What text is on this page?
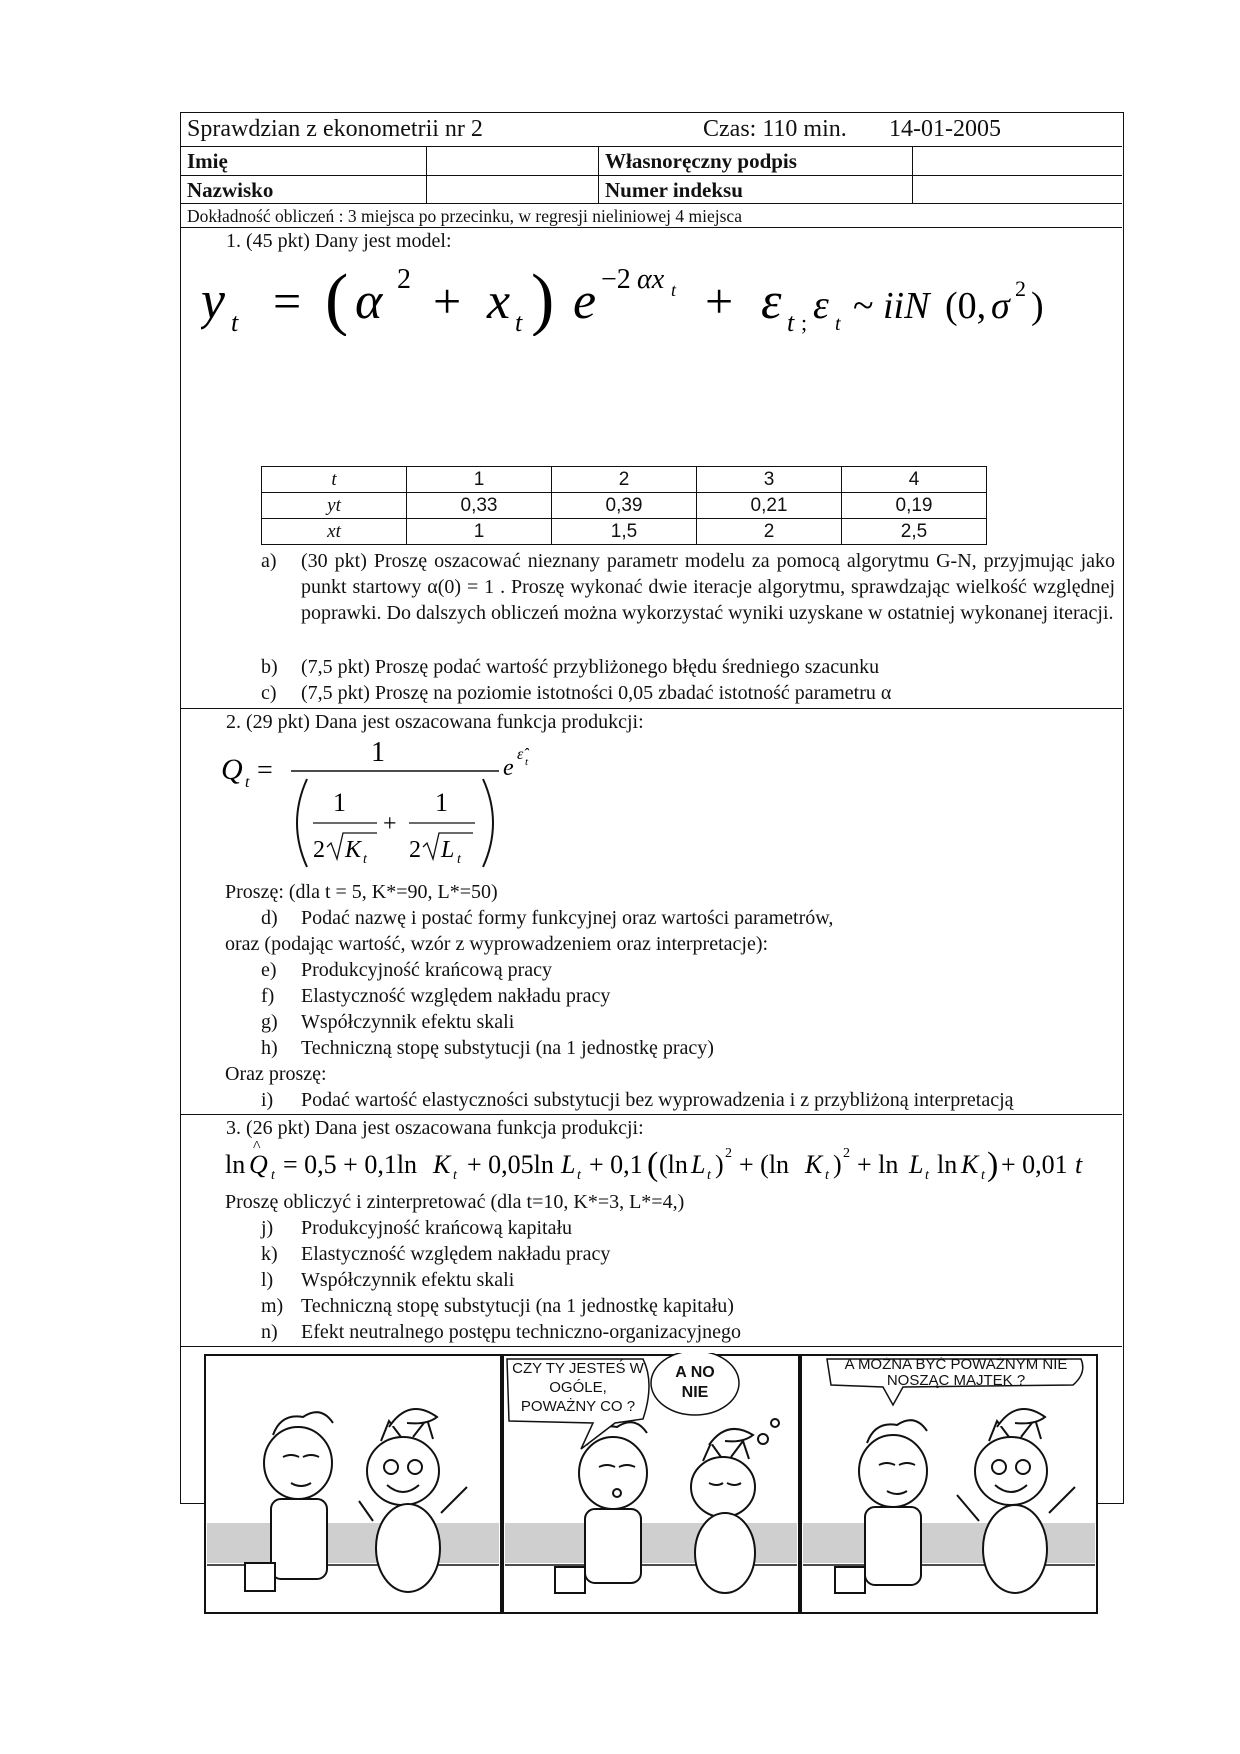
Sprawdzian z ekonometrii nr 2	Czas: 110 min. 14-01-2005
Imię	Własnoręczny podpis
Nazwisko	Numer indeksu
Dokładność obliczeń : 3 miejsca po przecinku, w regresji nieliniowej 4 miejsca
1. (45 pkt) Dany jest model:
y t = ( α 2 + x t ) e −2 αx t + ε t ; ε t ~ iiN (0, σ 2 )
t	1	2	3	4
yt	0,33	0,39	0,21	0,19
xt	1	1,5	2	2,5
a) (30 pkt) Proszę oszacować nieznany parametr modelu za pomocą algorytmu G-N, przyjmując jako punkt startowy α(0) = 1 . Proszę wykonać dwie iteracje algorytmu, sprawdzając wielkość względnej poprawki. Do dalszych obliczeń można wykorzystać wyniki uzyskane w ostatniej wykonanej iteracji.
b) (7,5 pkt) Proszę podać wartość przybliżonego błędu średniego szacunku
c) (7,5 pkt) Proszę na poziomie istotności 0,05 zbadać istotność parametru α
2. (29 pkt) Dana jest oszacowana funkcja produkcji:
Q t =
1	e
ε̂ t
1
2 K t
+
1
2 L t
Proszę: (dla t = 5, K*=90, L*=50)
d) Podać nazwę i postać formy funkcyjnej oraz wartości parametrów,
oraz (podając wartość, wzór z wyprowadzeniem oraz interpretacje):
e) Produkcyjność krańcową pracy
f) Elastyczność względem nakładu pracy
g) Współczynnik efektu skali
h) Techniczną stopę substytucji (na 1 jednostkę pracy)
Oraz proszę:
i) Podać wartość elastyczności substytucji bez wyprowadzenia i z przybliżoną interpretacją
3. (26 pkt) Dana jest oszacowana funkcja produkcji:
ln Q
^
t = 0,5 + 0,1ln K t + 0,05ln L t + 0,1 ( (ln L t ) 2 + (ln K t ) 2 + ln L t ln K t ) + 0,01 t
Proszę obliczyć i zinterpretować (dla t=10, K*=3, L*=4,)
j) Produkcyjność krańcową kapitału
k) Elastyczność względem nakładu pracy
l) Współczynnik efektu skali
m) Techniczną stopę substytucji (na 1 jednostkę kapitału)
n) Efekt neutralnego postępu techniczno-organizacyjnego
CZY TY JESTEŚ W OGÓLE, POWAŻNY CO ?
A NO NIE
A MOŻNA BYĆ POWAŻNYM NIE NOSZĄC MAJTEK ?
